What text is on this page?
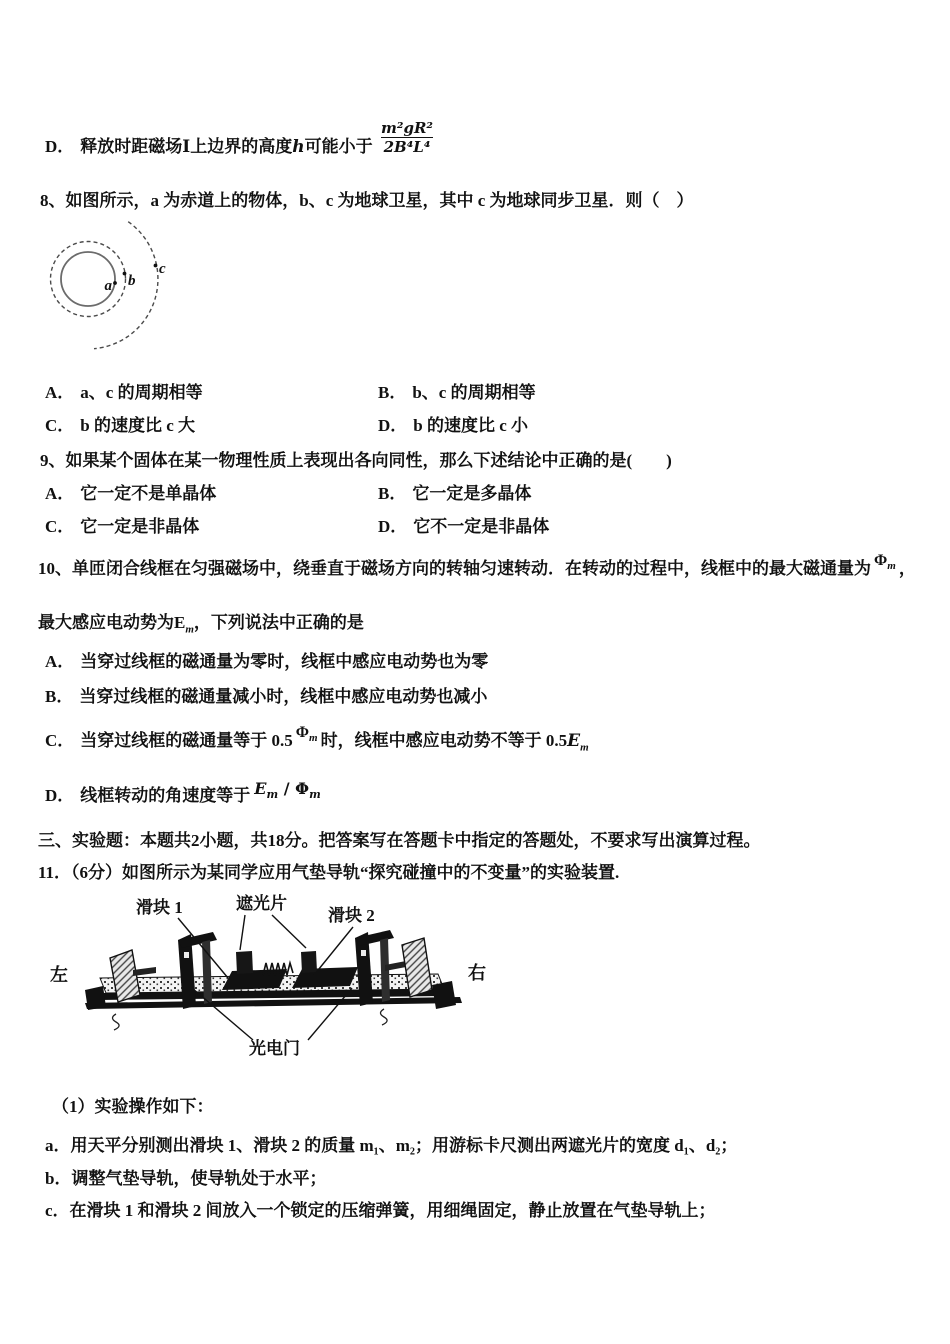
D． 释放时距磁场Ⅰ上边界的高度 h 可能小于 $\frac{\text{m²gR²}}{\text{2B⁴L⁴}}$
8、如图所示，a 为赤道上的物体，b、c 为地球卫星，其中 c 为地球同步卫星．则（　）
a b
c
A． a、c 的周期相等	B． b、c 的周期相等
C． b 的速度比 c 大	D． b 的速度比 c 小
9、如果某个固体在某一物理性质上表现出各向同性，那么下述结论中正确的是(　　)
A． 它一定不是单晶体	B． 它一定是多晶体
C． 它一定是非晶体	D． 它不一定是非晶体
10、单匝闭合线框在匀强磁场中，绕垂直于磁场方向的转轴匀速转动．在转动的过程中，线框中的最大磁通量为 $\Phi_m$ ，
最大感应电动势为$E_m$，下列说法中正确的是
A． 当穿过线框的磁通量为零时，线框中感应电动势也为零
B． 当穿过线框的磁通量减小时，线框中感应电动势也减小
C． 当穿过线框的磁通量等于 0.5 $\Phi_m$ 时，线框中感应电动势不等于 $0.5E_m$
D． 线框转动的角速度等于 $E_m / \Phi_m$
三、实验题：本题共2小题，共18分。把答案写在答题卡中指定的答题处，不要求写出演算过程。
11．（6分）如图所示为某同学应用气垫导轨“探究碰撞中的不变量”的实验装置.
滑块 1	遮光片
滑块 2
左	右
光电门
（1）实验操作如下：
a．用天平分别测出滑块 1、滑块 2 的质量 m₁、m₂；用游标卡尺测出两遮光片的宽度 d₁、d₂；
b．调整气垫导轨，使导轨处于水平；
c．在滑块 1 和滑块 2 间放入一个锁定的压缩弹簧，用细绳固定，静止放置在气垫导轨上；
